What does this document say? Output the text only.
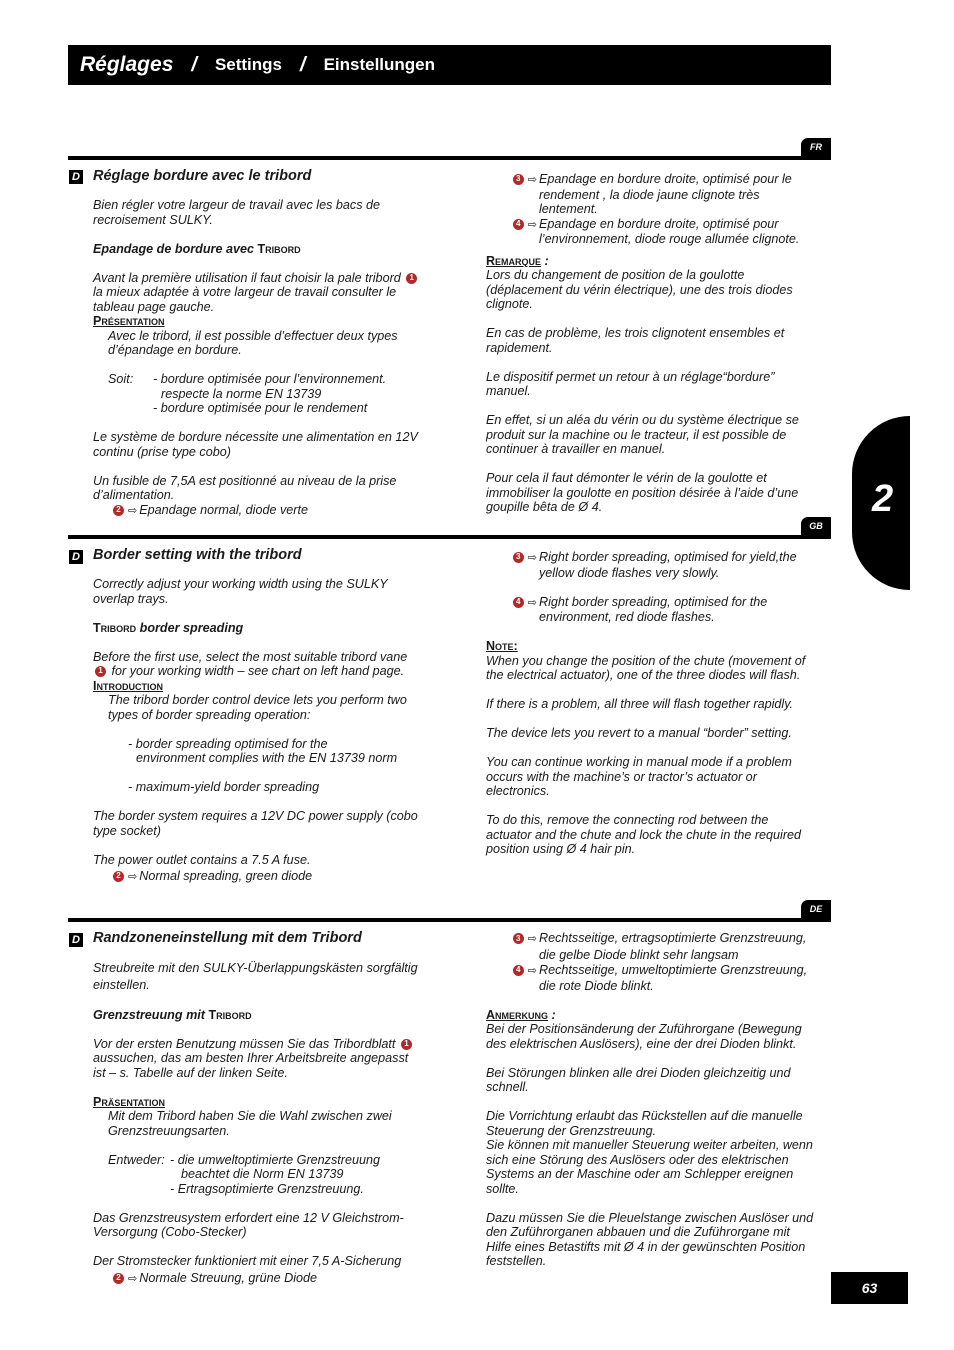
Réglages / Settings / Einstellungen
2
FR
D Réglage bordure avec le tribord

Bien régler votre largeur de travail avec les bacs de recroisement SULKY.

Epandage de bordure avec Tribord

Avant la première utilisation il faut choisir la pale tribord 1 la mieux adaptée à votre largeur de travail consulter le tableau page gauche.

Présentation

Avec le tribord, il est possible d’effectuer deux types d’épandage en bordure.

Soit: - bordure optimisée pour l’environnement.

respecte la norme EN 13739

- bordure optimisée pour le rendement

Le système de bordure nécessite une alimentation en 12V continu (prise type cobo)

Un fusible de 7,5A est positionné au niveau de la prise d’alimentation.

2 ⇨ Epandage normal, diode verte

3 ⇨ Epandage en bordure droite, optimisé pour le rendement , la diode jaune clignote très lentement.

4 ⇨ Epandage en bordure droite, optimisé pour l’environnement, diode rouge allumée clignote.

Remarque :

Lors du changement de position de la goulotte (déplacement du vérin électrique), une des trois diodes clignote.

En cas de problème, les trois clignotent ensembles et rapidement.

Le dispositif permet un retour à un réglage“bordure” manuel.

En effet, si un aléa du vérin ou du système électrique se produit sur la machine ou le tracteur, il est possible de continuer à travailler en manuel.

Pour cela il faut démonter le vérin de la goulotte et immobiliser la goulotte en position désirée à l’aide d’une goupille bêta de Ø 4.

GB
D Border setting with the tribord

Correctly adjust your working width using the SULKY overlap trays.

Tribord border spreading

Before the first use, select the most suitable tribord vane 1 for your working width – see chart on left hand page.

Introduction

The tribord border control device lets you perform two types of border spreading operation:

- border spreading optimised for the

environment complies with the EN 13739 norm

- maximum-yield border spreading

The border system requires a 12V DC power supply (cobo type socket)

The power outlet contains a 7.5 A fuse.

2 ⇨ Normal spreading, green diode

3 ⇨ Right border spreading, optimised for yield,the yellow diode flashes very slowly.

4 ⇨ Right border spreading, optimised for the environment, red diode flashes.

Note:

When you change the position of the chute (movement of the electrical actuator), one of the three diodes will flash.

If there is a problem, all three will flash together rapidly.

The device lets you revert to a manual “border” setting.

You can continue working in manual mode if a problem occurs with the machine’s or tractor’s actuator or electronics.

To do this, remove the connecting rod between the actuator and the chute and lock the chute in the required position using Ø 4 hair pin.

DE
D Randzoneneinstellung mit dem Tribord

Streubreite mit den SULKY-Überlappungskästen sorgfältig einstellen.

Grenzstreuung mit Tribord

Vor der ersten Benutzung müssen Sie das Tribordblatt 1 aussuchen, das am besten Ihrer Arbeitsbreite angepasst ist – s. Tabelle auf der linken Seite.

Präsentation

Mit dem Tribord haben Sie die Wahl zwischen zwei Grenzstreuungsarten.

Entweder: - die umweltoptimierte Grenzstreuung

beachtet die Norm EN 13739

- Ertragsoptimierte Grenzstreuung.

Das Grenzstreusystem erfordert eine 12 V Gleichstrom-Versorgung (Cobo-Stecker)

Der Stromstecker funktioniert mit einer 7,5 A-Sicherung

2 ⇨ Normale Streuung, grüne Diode

3 ⇨ Rechtsseitige, ertragsoptimierte Grenzstreuung, die gelbe Diode blinkt sehr langsam

4 ⇨ Rechtsseitige, umweltoptimierte Grenzstreuung, die rote Diode blinkt.

Anmerkung :

Bei der Positionsänderung der Zuführorgane (Bewegung des elektrischen Auslösers), eine der drei Dioden blinkt.

Bei Störungen blinken alle drei Dioden gleichzeitig und schnell.

Die Vorrichtung erlaubt das Rückstellen auf die manuelle Steuerung der Grenzstreuung.

Sie können mit manueller Steuerung weiter arbeiten, wenn sich eine Störung des Auslösers oder des elektrischen Systems an der Maschine oder am Schlepper ereignen sollte.

Dazu müssen Sie die Pleuelstange zwischen Auslöser und den Zuführorganen abbauen und die Zuführorgane mit Hilfe eines Betastifts mit Ø 4 in der gewünschten Position feststellen.

63
